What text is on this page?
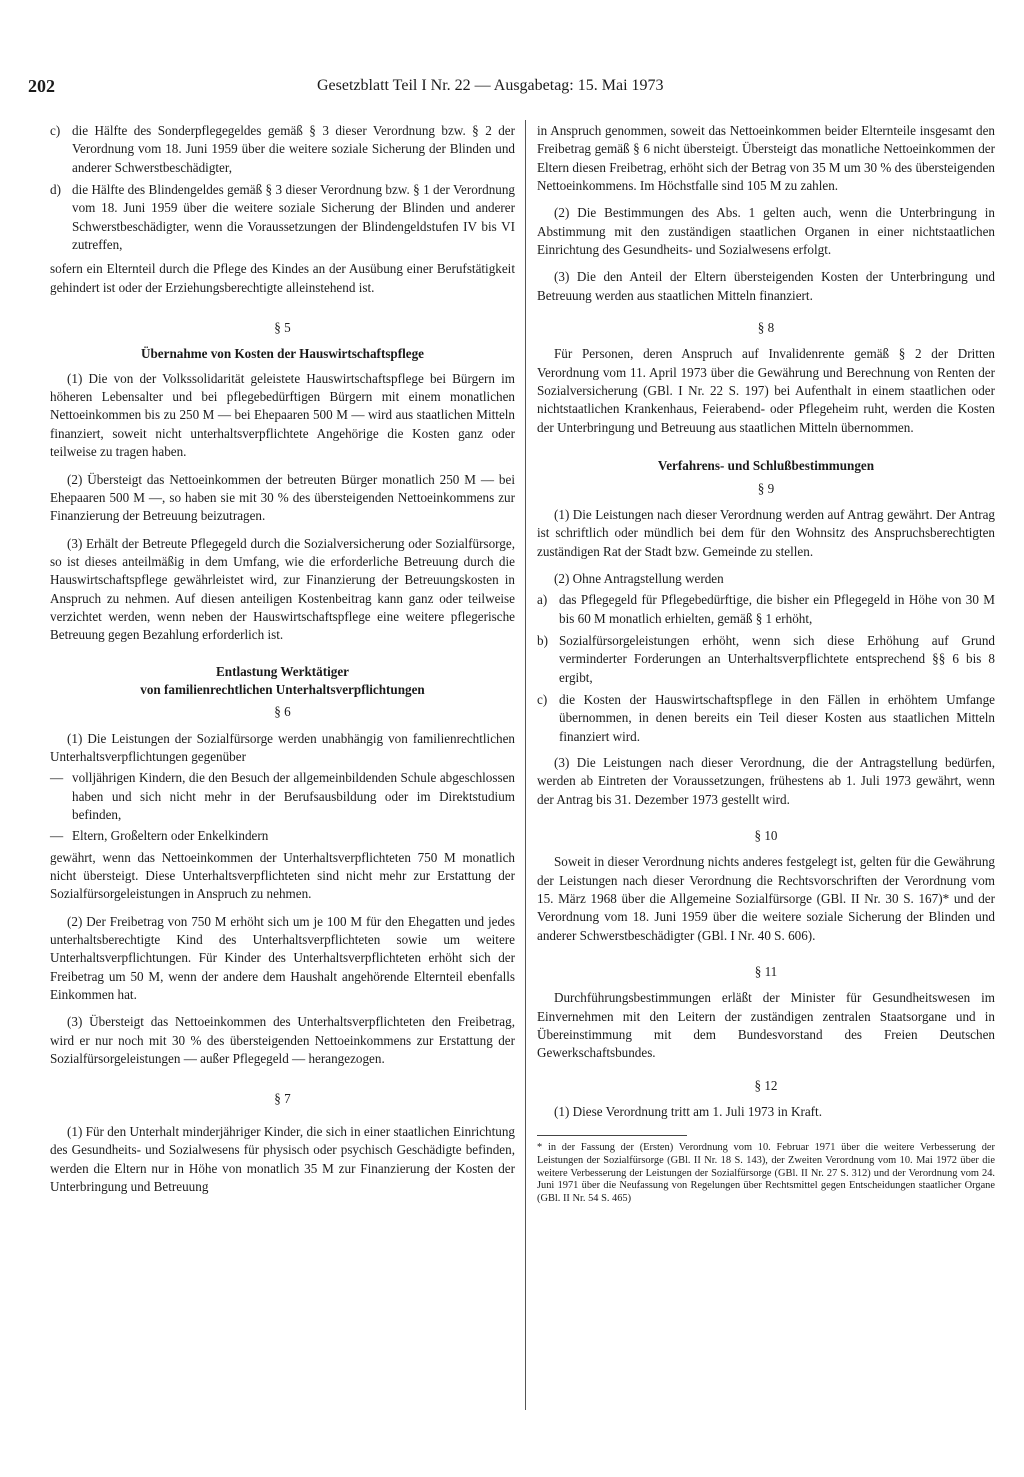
202	Gesetzblatt Teil I Nr. 22 — Ausgabetag: 15. Mai 1973
c) die Hälfte des Sonderpflegegeldes gemäß § 3 dieser Verordnung bzw. § 2 der Verordnung vom 18. Juni 1959 über die weitere soziale Sicherung der Blinden und anderer Schwerstbeschädigter,
d) die Hälfte des Blindengeldes gemäß § 3 dieser Verordnung bzw. § 1 der Verordnung vom 18. Juni 1959 über die weitere soziale Sicherung der Blinden und anderer Schwerstbeschädigter, wenn die Voraussetzungen der Blindengeldstufen IV bis VI zutreffen,

sofern ein Elternteil durch die Pflege des Kindes an der Ausübung einer Berufstätigkeit gehindert ist oder der Erziehungsberechtigte alleinstehend ist.

§ 5
Übernahme von Kosten der Hauswirtschaftspflege

(1) Die von der Volkssolidarität geleistete Hauswirtschaftspflege bei Bürgern im höheren Lebensalter und bei pflegebedürftigen Bürgern mit einem monatlichen Nettoeinkommen bis zu 250 M — bei Ehepaaren 500 M — wird aus staatlichen Mitteln finanziert, soweit nicht unterhaltsverpflichtete Angehörige die Kosten ganz oder teilweise zu tragen haben.

(2) Übersteigt das Nettoeinkommen der betreuten Bürger monatlich 250 M — bei Ehepaaren 500 M —, so haben sie mit 30 % des übersteigenden Nettoeinkommens zur Finanzierung der Betreuung beizutragen.

(3) Erhält der Betreute Pflegegeld durch die Sozialversicherung oder Sozialfürsorge, so ist dieses anteilmäßig in dem Umfang, wie die erforderliche Betreuung durch die Hauswirtschaftspflege gewährleistet wird, zur Finanzierung der Betreuungskosten in Anspruch zu nehmen. Auf diesen anteiligen Kostenbeitrag kann ganz oder teilweise verzichtet werden, wenn neben der Hauswirtschaftspflege eine weitere pflegerische Betreuung gegen Bezahlung erforderlich ist.

Entlastung Werktätiger
von familienrechtlichen Unterhaltsverpflichtungen
§ 6

(1) Die Leistungen der Sozialfürsorge werden unabhängig von familienrechtlichen Unterhaltsverpflichtungen gegenüber

— volljährigen Kindern, die den Besuch der allgemeinbildenden Schule abgeschlossen haben und sich nicht mehr in der Berufsausbildung oder im Direktstudium befinden,
— Eltern, Großeltern oder Enkelkindern

gewährt, wenn das Nettoeinkommen der Unterhaltsverpflichteten 750 M monatlich nicht übersteigt. Diese Unterhaltsverpflichteten sind nicht mehr zur Erstattung der Sozialfürsorgeleistungen in Anspruch zu nehmen.

(2) Der Freibetrag von 750 M erhöht sich um je 100 M für den Ehegatten und jedes unterhaltsberechtigte Kind des Unterhaltsverpflichteten sowie um weitere Unterhaltsverpflichtungen. Für Kinder des Unterhaltsverpflichteten erhöht sich der Freibetrag um 50 M, wenn der andere dem Haushalt angehörende Elternteil ebenfalls Einkommen hat.

(3) Übersteigt das Nettoeinkommen des Unterhaltsverpflichteten den Freibetrag, wird er nur noch mit 30 % des übersteigenden Nettoeinkommens zur Erstattung der Sozialfürsorgeleistungen — außer Pflegegeld — herangezogen.

§ 7

(1) Für den Unterhalt minderjähriger Kinder, die sich in einer staatlichen Einrichtung des Gesundheits- und Sozialwesens für physisch oder psychisch Geschädigte befinden, werden die Eltern nur in Höhe von monatlich 35 M zur Finanzierung der Kosten der Unterbringung und Betreuung

in Anspruch genommen, soweit das Nettoeinkommen beider Elternteile insgesamt den Freibetrag gemäß § 6 nicht übersteigt. Übersteigt das monatliche Nettoeinkommen der Eltern diesen Freibetrag, erhöht sich der Betrag von 35 M um 30 % des übersteigenden Nettoeinkommens. Im Höchstfalle sind 105 M zu zahlen.

(2) Die Bestimmungen des Abs. 1 gelten auch, wenn die Unterbringung in Abstimmung mit den zuständigen staatlichen Organen in einer nichtstaatlichen Einrichtung des Gesundheits- und Sozialwesens erfolgt.

(3) Die den Anteil der Eltern übersteigenden Kosten der Unterbringung und Betreuung werden aus staatlichen Mitteln finanziert.

§ 8

Für Personen, deren Anspruch auf Invalidenrente gemäß § 2 der Dritten Verordnung vom 11. April 1973 über die Gewährung und Berechnung von Renten der Sozialversicherung (GBl. I Nr. 22 S. 197) bei Aufenthalt in einem staatlichen oder nichtstaatlichen Krankenhaus, Feierabend- oder Pflegeheim ruht, werden die Kosten der Unterbringung und Betreuung aus staatlichen Mitteln übernommen.

Verfahrens- und Schlußbestimmungen
§ 9

(1) Die Leistungen nach dieser Verordnung werden auf Antrag gewährt. Der Antrag ist schriftlich oder mündlich bei dem für den Wohnsitz des Anspruchsberechtigten zuständigen Rat der Stadt bzw. Gemeinde zu stellen.

(2) Ohne Antragstellung werden

a) das Pflegegeld für Pflegebedürftige, die bisher ein Pflegegeld in Höhe von 30 M bis 60 M monatlich erhielten, gemäß § 1 erhöht,
b) Sozialfürsorgeleistungen erhöht, wenn sich diese Erhöhung auf Grund verminderter Forderungen an Unterhaltsverpflichtete entsprechend §§ 6 bis 8 ergibt,
c) die Kosten der Hauswirtschaftspflege in den Fällen in erhöhtem Umfange übernommen, in denen bereits ein Teil dieser Kosten aus staatlichen Mitteln finanziert wird.

(3) Die Leistungen nach dieser Verordnung, die der Antragstellung bedürfen, werden ab Eintreten der Voraussetzungen, frühestens ab 1. Juli 1973 gewährt, wenn der Antrag bis 31. Dezember 1973 gestellt wird.

§ 10

Soweit in dieser Verordnung nichts anderes festgelegt ist, gelten für die Gewährung der Leistungen nach dieser Verordnung die Rechtsvorschriften der Verordnung vom 15. März 1968 über die Allgemeine Sozialfürsorge (GBl. II Nr. 30 S. 167)* und der Verordnung vom 18. Juni 1959 über die weitere soziale Sicherung der Blinden und anderer Schwerstbeschädigter (GBl. I Nr. 40 S. 606).

§ 11

Durchführungsbestimmungen erläßt der Minister für Gesundheitswesen im Einvernehmen mit den Leitern der zuständigen zentralen Staatsorgane und in Übereinstimmung mit dem Bundesvorstand des Freien Deutschen Gewerkschaftsbundes.

§ 12

(1) Diese Verordnung tritt am 1. Juli 1973 in Kraft.

* in der Fassung der (Ersten) Verordnung vom 10. Februar 1971 über die weitere Verbesserung der Leistungen der Sozialfürsorge (GBl. II Nr. 18 S. 143), der Zweiten Verordnung vom 10. Mai 1972 über die weitere Verbesserung der Leistungen der Sozialfürsorge (GBl. II Nr. 27 S. 312) und der Verordnung vom 24. Juni 1971 über die Neufassung von Regelungen über Rechtsmittel gegen Entscheidungen staatlicher Organe (GBl. II Nr. 54 S. 465)
